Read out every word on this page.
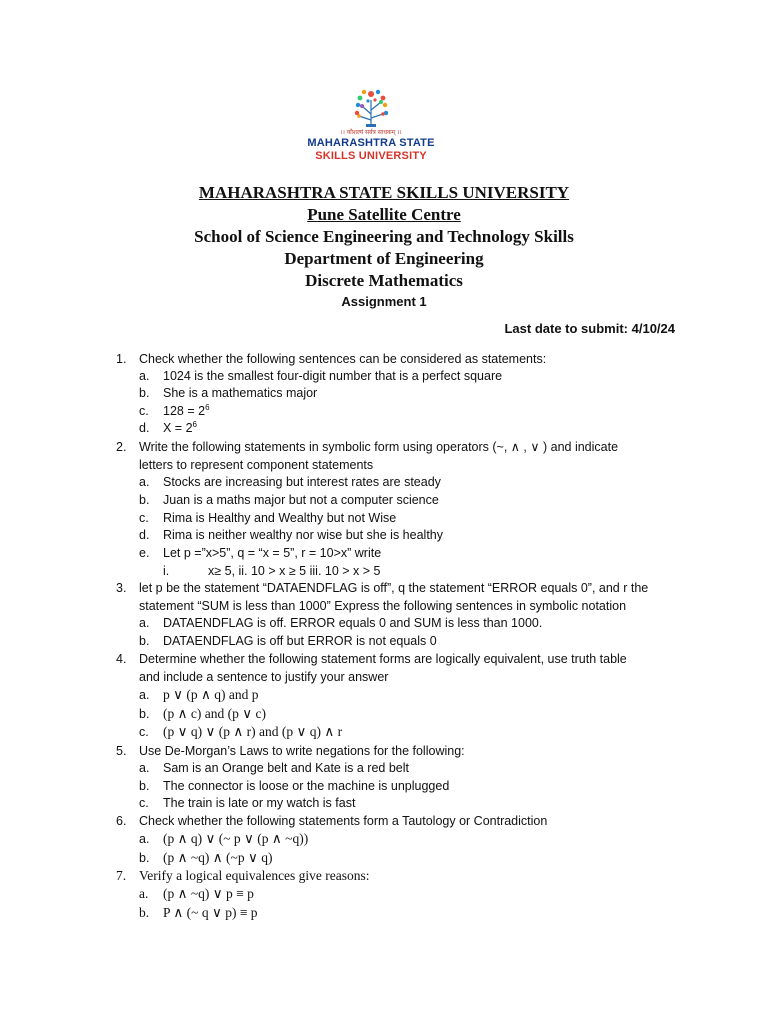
।। कौशल्यं सर्वत्र साधकम् ।।
MAHARASHTRA STATE
SKILLS UNIVERSITY
MAHARASHTRA STATE SKILLS UNIVERSITY
Pune Satellite Centre
School of Science Engineering and Technology Skills
Department of Engineering
Discrete Mathematics
Assignment 1
Last date to submit: 4/10/24
1. Check whether the following sentences can be considered as statements:
a. 1024 is the smallest four-digit number that is a perfect square
b. She is a mathematics major
c. $128 = 2^6$
d. $X = 2^6$
2. Write the following statements in symbolic form using operators (~, ∧ , ∨ ) and indicate
letters to represent component statements
a. Stocks are increasing but interest rates are steady
b. Juan is a maths major but not a computer science
c. Rima is Healthy and Wealthy but not Wise
d. Rima is neither wealthy nor wise but she is healthy
e. Let p =”x>5”, q = “x = 5”, r = 10>x” write
i.	x≥ 5, ii. 10 > x ≥ 5 iii. 10 > x > 5
3. let p be the statement “DATAENDFLAG is off”, q the statement “ERROR equals 0”, and r the
statement “SUM is less than 1000” Express the following sentences in symbolic notation
a. DATAENDFLAG is off. ERROR equals 0 and SUM is less than 1000.
b. DATAENDFLAG is off but ERROR is not equals 0
4. Determine whether the following statement forms are logically equivalent, use truth table
and include a sentence to justify your answer
a. p ∨ (p ∧ q) and p
b. (p ∧ c) and (p ∨ c)
c. (p ∨ q) ∨ (p ∧ r) and (p ∨ q) ∧ r
5. Use De-Morgan’s Laws to write negations for the following:
a. Sam is an Orange belt and Kate is a red belt
b. The connector is loose or the machine is unplugged
c. The train is late or my watch is fast
6. Check whether the following statements form a Tautology or Contradiction
a. (p ∧ q) ∨ (~ p ∨ (p ∧ ~q))
b. (p ∧ ~q) ∧ (~p ∨ q)
7. Verify a logical equivalences give reasons:
a. (p ∧ ~q) ∨ p ≡ p
b. P ∧ (~ q ∨ p) ≡ p
